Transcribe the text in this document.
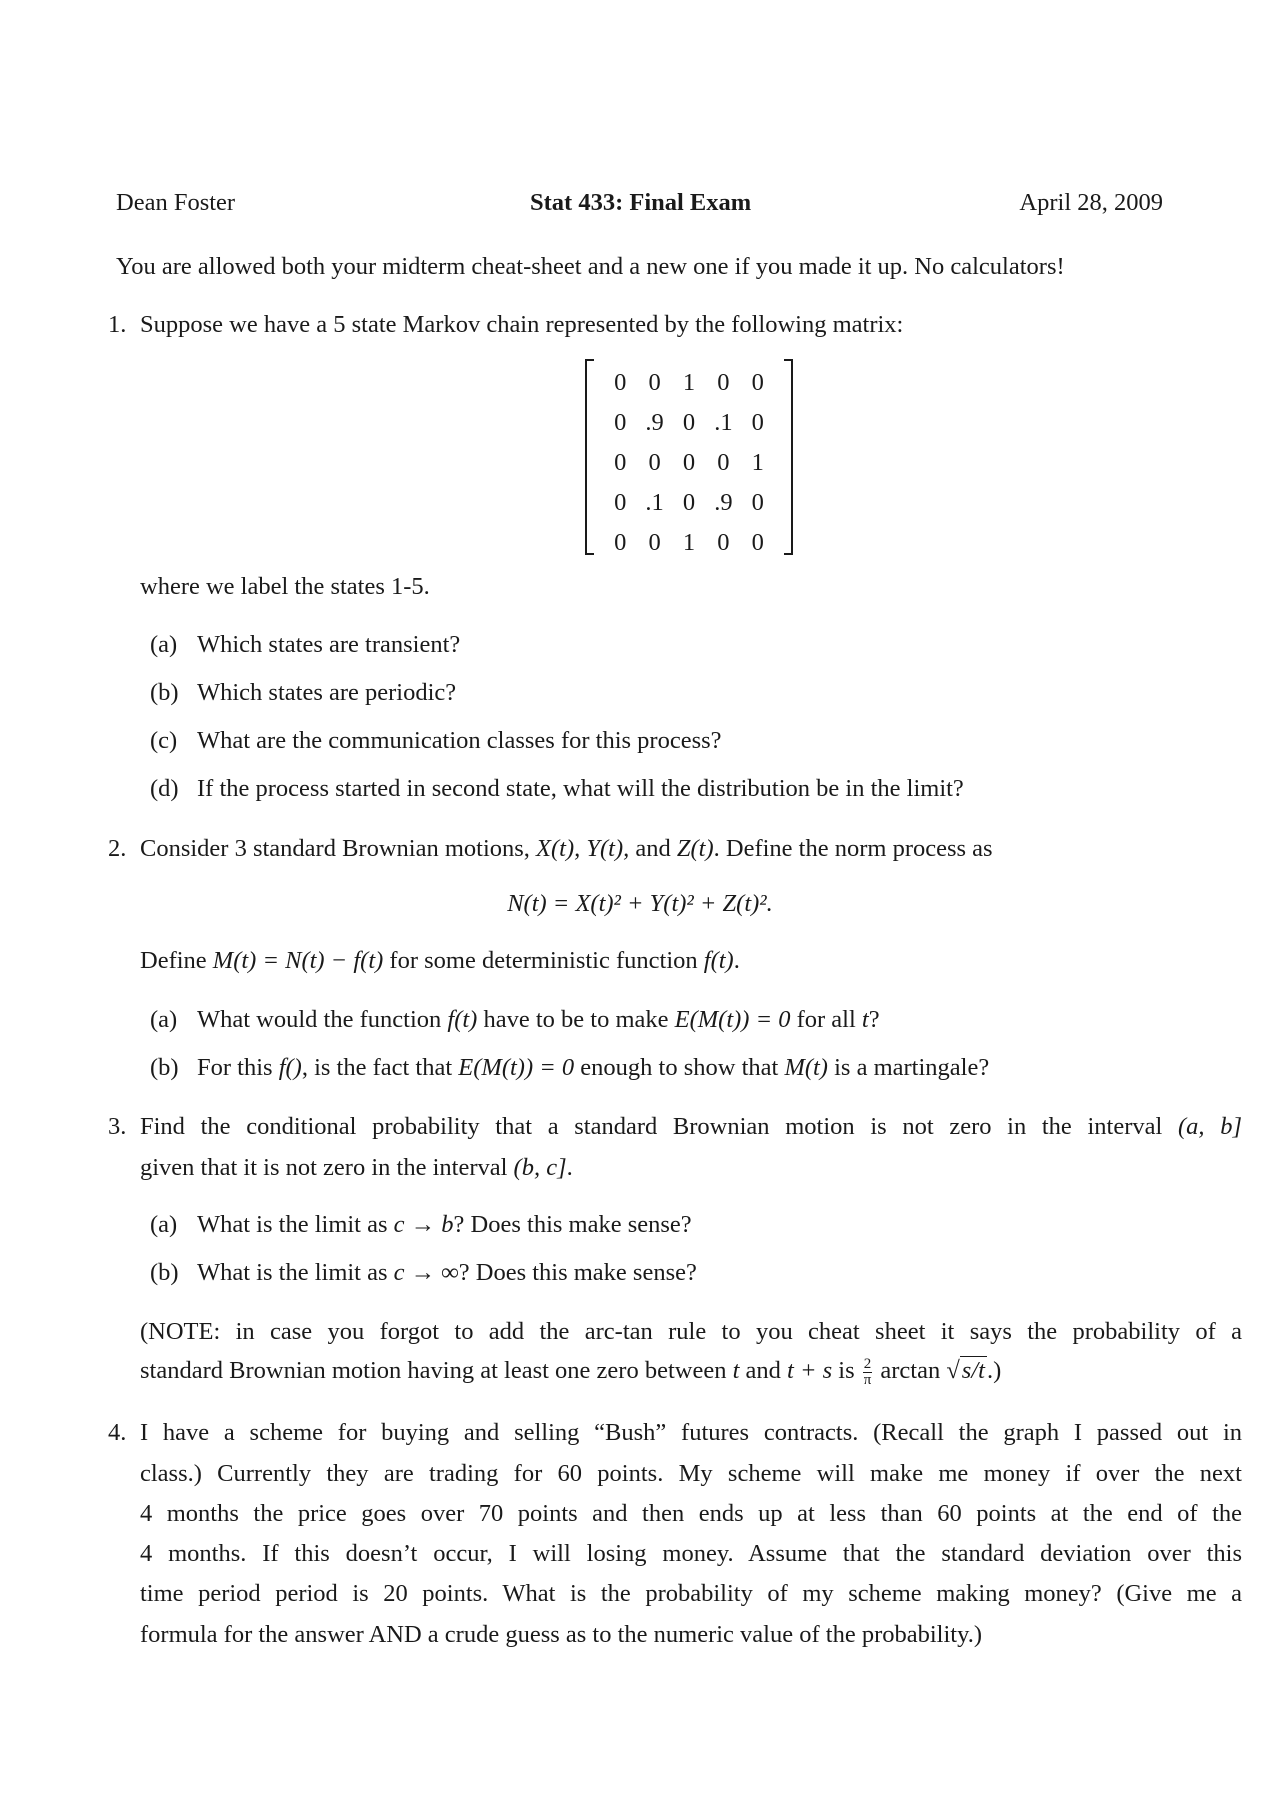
Dean Foster	Stat 433: Final Exam	April 28, 2009
You are allowed both your midterm cheat-sheet and a new one if you made it up. No calculators!
1. Suppose we have a 5 state Markov chain represented by the following matrix:
0 0 1 0 0
0 .9 0 .1 0
0 0 0 0 1
0 .1 0 .9 0
0 0 1 0 0
where we label the states 1-5.
(a) Which states are transient?
(b) Which states are periodic?
(c) What are the communication classes for this process?
(d) If the process started in second state, what will the distribution be in the limit?
2. Consider 3 standard Brownian motions, X(t), Y(t), and Z(t). Define the norm process as
N(t) = X(t)² + Y(t)² + Z(t)².
Define M(t) = N(t) − f(t) for some deterministic function f(t).
(a) What would the function f(t) have to be to make E(M(t)) = 0 for all t?
(b) For this f(), is the fact that E(M(t)) = 0 enough to show that M(t) is a martingale?
3. Find the conditional probability that a standard Brownian motion is not zero in the interval (a, b]
given that it is not zero in the interval (b, c].
(a) What is the limit as c → b? Does this make sense?
(b) What is the limit as c → ∞? Does this make sense?
(NOTE: in case you forgot to add the arc-tan rule to you cheat sheet it says the probability of a
standard Brownian motion having at least one zero between t and t + s is $\frac{2}{\pi}$ arctan √s/t.)
4. I have a scheme for buying and selling “Bush” futures contracts. (Recall the graph I passed out in
class.) Currently they are trading for 60 points. My scheme will make me money if over the next
4 months the price goes over 70 points and then ends up at less than 60 points at the end of the
4 months. If this doesn’t occur, I will losing money. Assume that the standard deviation over this
time period period is 20 points. What is the probability of my scheme making money? (Give me a
formula for the answer AND a crude guess as to the numeric value of the probability.)
